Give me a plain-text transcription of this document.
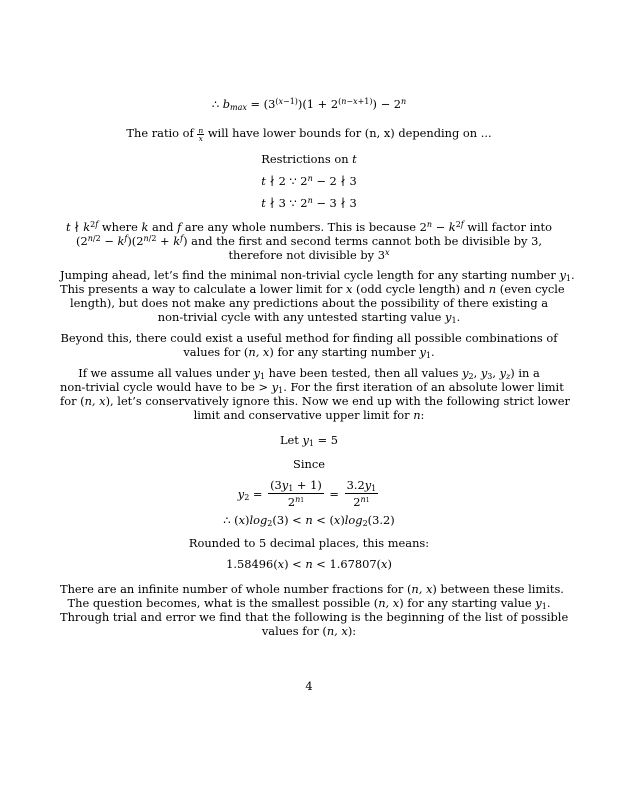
∴ $b_{max} = (3^{(x-1)})(1 + 2^{(n-x+1)}) - 2^n$
The ratio of $\frac{n}{x}$ will have lower bounds for (n, x) depending on ...
Restrictions on t
t ∤ 2 ∵ $2^n - 2$ ∤ 3
t ∤ 3 ∵ $2^n - 3$ ∤ 3
t ∤ $k^{2f}$ where k and f are any whole numbers. This is because $2^n - k^{2f}$ will factor into
$(2^{n/2} - k^f)(2^{n/2} + k^f)$ and the first and second terms cannot both be divisible by 3,
therefore not divisible by 3$^x$
Jumping ahead, let’s find the minimal non-trivial cycle length for any starting number $y_1$.
This presents a way to calculate a lower limit for x (odd cycle length) and n (even cycle
length), but does not make any predictions about the possibility of there existing a
non-trivial cycle with any untested starting value $y_1$.
Beyond this, there could exist a useful method for finding all possible combinations of
values for (n, x) for any starting number $y_1$.
If we assume all values under $y_1$ have been tested, then all values $y_2$, $y_3$, $y_z$) in a
non-trivial cycle would have to be > $y_1$. For the first iteration of an absolute lower limit
for (n, x), let’s conservatively ignore this. Now we end up with the following strict lower
limit and conservative upper limit for n:
Let $y_1 = 5$
Since
$y_2 = \frac{(3y_1 + 1)}{2^{n1}} = \frac{3.2y_1}{2^{n1}}$
∴ $(x)\log_2(3) < n < (x)\log_2(3.2)$
Rounded to 5 decimal places, this means:
1.58496(x) < n < 1.67807(x)
There are an infinite number of whole number fractions for (n, x) between these limits.
The question becomes, what is the smallest possible (n, x) for any starting value $y_1$.
Through trial and error we find that the following is the beginning of the list of possible
values for (n, x):
4
